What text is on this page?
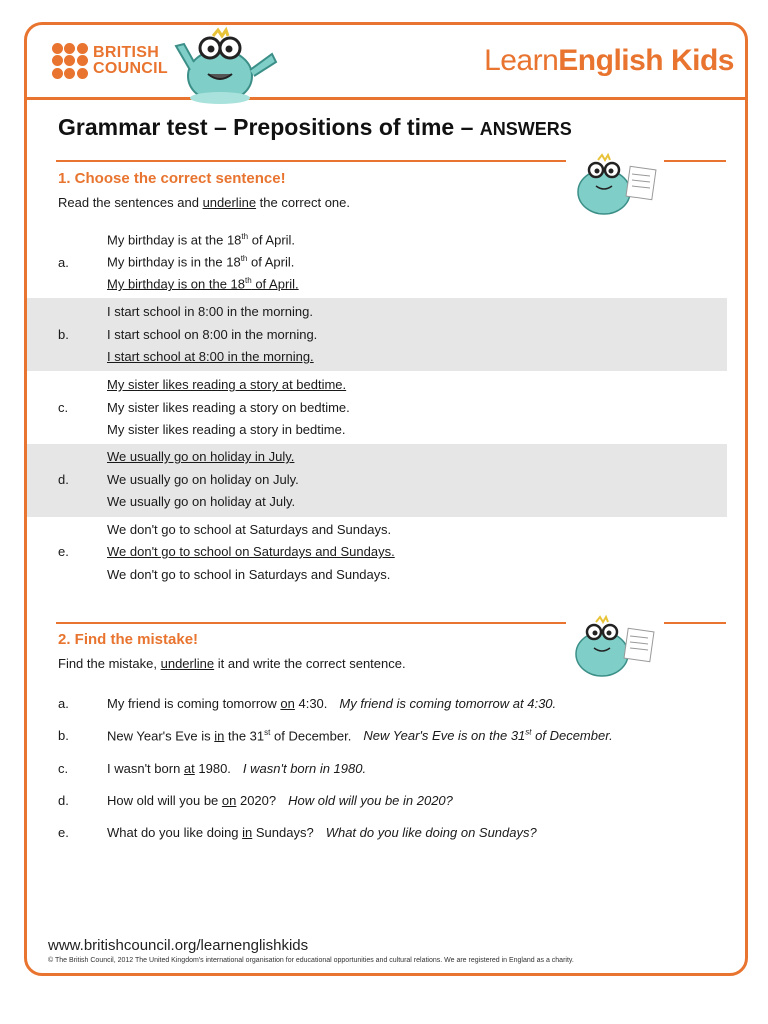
BRITISH
COUNCIL	LearnEnglish Kids
Grammar test – Prepositions of time – ANSWERS
1. Choose the correct sentence!
Read the sentences and underline the correct one.
a.
My birthday is at the 18th of April.
My birthday is in the 18th of April.
My birthday is on the 18th of April.
b.
I start school in 8:00 in the morning.
I start school on 8:00 in the morning.
I start school at 8:00 in the morning.
c.
My sister likes reading a story at bedtime.
My sister likes reading a story on bedtime.
My sister likes reading a story in bedtime.
d.
We usually go on holiday in July.
We usually go on holiday on July.
We usually go on holiday at July.
e.
We don't go to school at Saturdays and Sundays.
We don't go to school on Saturdays and Sundays.
We don't go to school in Saturdays and Sundays.
2. Find the mistake!
Find the mistake, underline it and write the correct sentence.
a.	My friend is coming tomorrow on 4:30. My friend is coming tomorrow at 4:30.
b.	New Year's Eve is in the 31st of December. New Year's Eve is on the 31st of December.
c.	I wasn't born at 1980. I wasn't born in 1980.
d.	How old will you be on 2020? How old will you be in 2020?
e.	What do you like doing in Sundays? What do you like doing on Sundays?
www.britishcouncil.org/learnenglishkids
© The British Council, 2012 The United Kingdom's international organisation for educational opportunities and cultural relations. We are registered in England as a charity.
